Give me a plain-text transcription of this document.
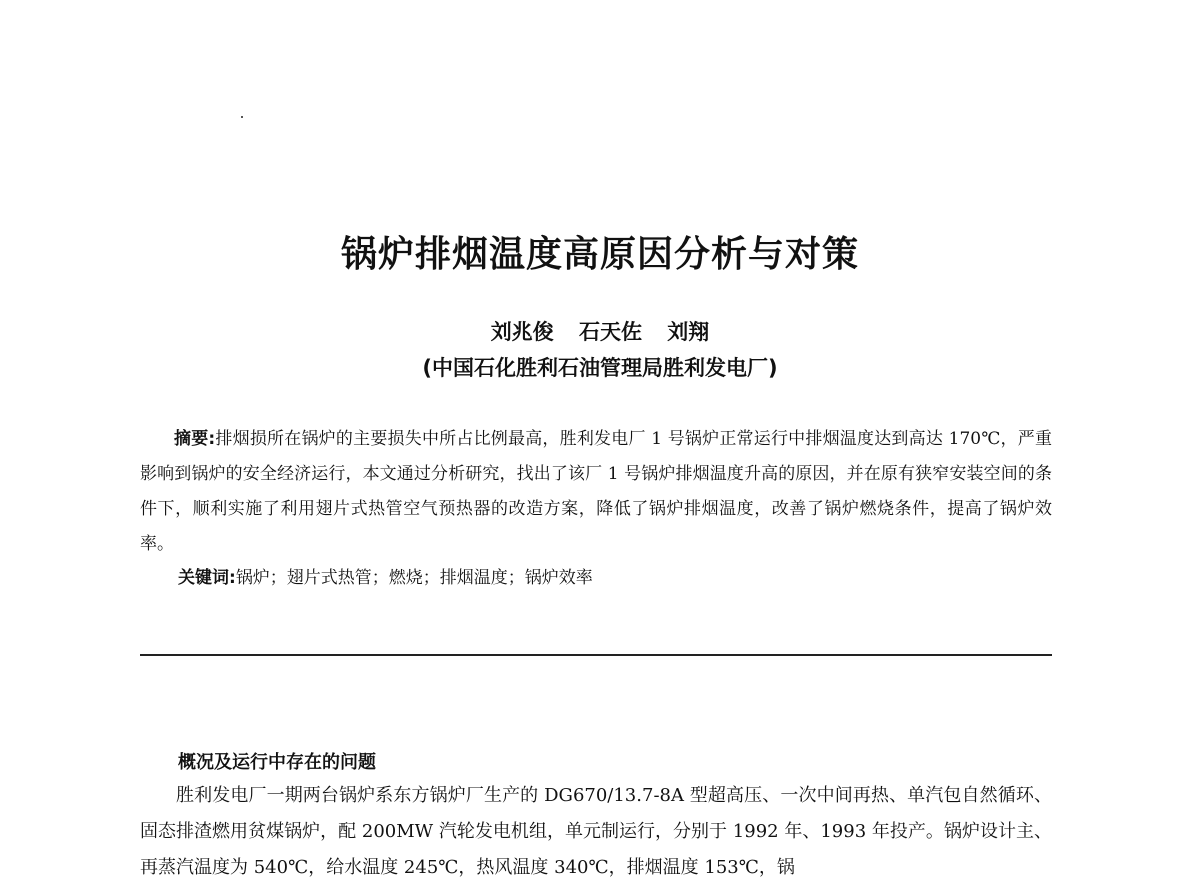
锅炉排烟温度高原因分析与对策
刘兆俊 石天佐 刘翔
(中国石化胜利石油管理局胜利发电厂)
摘要:排烟损所在锅炉的主要损失中所占比例最高，胜利发电厂 1 号锅炉正常运行中排烟温度达到高达 170℃，严重影响到锅炉的安全经济运行，本文通过分析研究，找出了该厂 1 号锅炉排烟温度升高的原因，并在原有狭窄安装空间的条件下，顺利实施了利用翅片式热管空气预热器的改造方案，降低了锅炉排烟温度，改善了锅炉燃烧条件，提高了锅炉效率。
关键词:锅炉；翅片式热管；燃烧；排烟温度；锅炉效率
概况及运行中存在的问题
胜利发电厂一期两台锅炉系东方锅炉厂生产的 DG670/13.7-8A 型超高压、一次中间再热、单汽包自然循环、固态排渣燃用贫煤锅炉，配 200MW 汽轮发电机组，单元制运行，分别于 1992 年、1993 年投产。锅炉设计主、再蒸汽温度为 540℃，给水温度 245℃，热风温度 340℃，排烟温度 153℃，锅
